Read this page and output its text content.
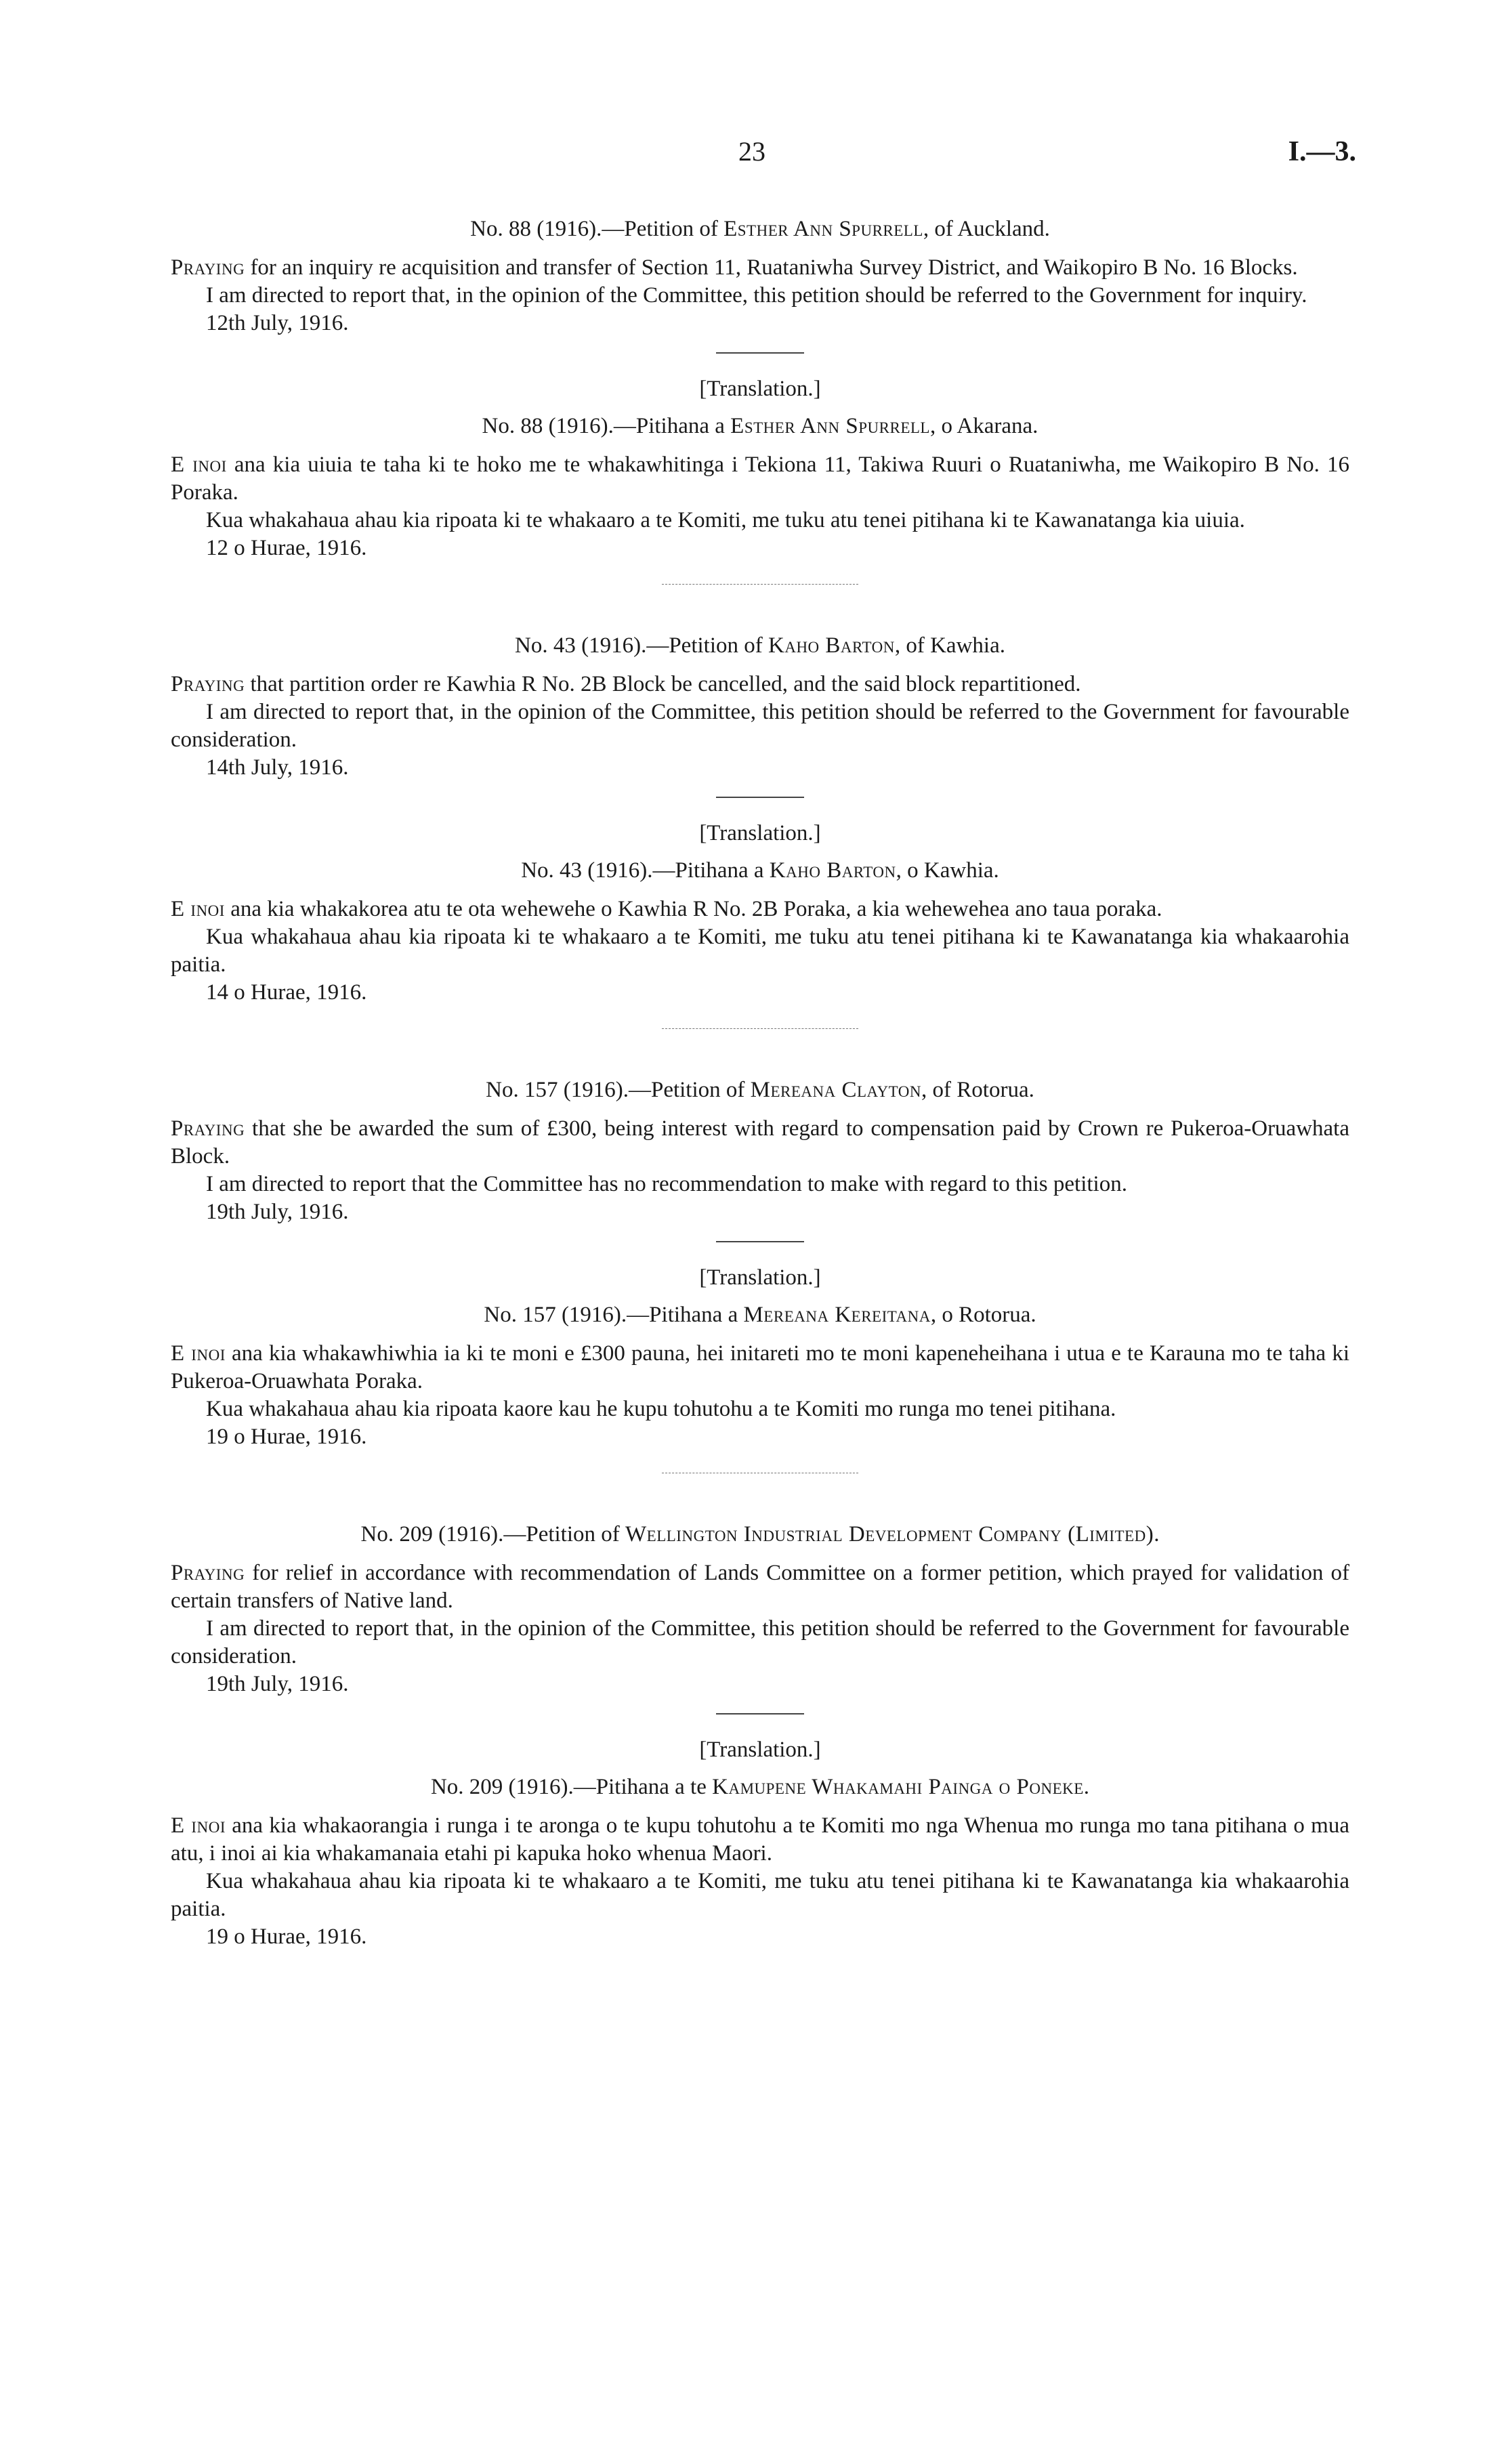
23	I.—3.

No. 88 (1916).—Petition of Esther Ann Spurrell, of Auckland.

Praying for an inquiry re acquisition and transfer of Section 11, Ruataniwha Survey District, and Waikopiro B No. 16 Blocks.

I am directed to report that, in the opinion of the Committee, this petition should be referred to the Government for inquiry.

12th July, 1916.

[Translation.]

No. 88 (1916).—Pitihana a Esther Ann Spurrell, o Akarana.

E inoi ana kia uiuia te taha ki te hoko me te whakawhitinga i Tekiona 11, Takiwa Ruuri o Ruataniwha, me Waikopiro B No. 16 Poraka.

Kua whakahaua ahau kia ripoata ki te whakaaro a te Komiti, me tuku atu tenei pitihana ki te Kawanatanga kia uiuia.

12 o Hurae, 1916.

No. 43 (1916).—Petition of Kaho Barton, of Kawhia.

Praying that partition order re Kawhia R No. 2B Block be cancelled, and the said block repartitioned.

I am directed to report that, in the opinion of the Committee, this petition should be referred to the Government for favourable consideration.

14th July, 1916.

[Translation.]

No. 43 (1916).—Pitihana a Kaho Barton, o Kawhia.

E inoi ana kia whakakorea atu te ota wehewehe o Kawhia R No. 2B Poraka, a kia wehewehea ano taua poraka.

Kua whakahaua ahau kia ripoata ki te whakaaro a te Komiti, me tuku atu tenei pitihana ki te Kawanatanga kia whakaarohia paitia.

14 o Hurae, 1916.

No. 157 (1916).—Petition of Mereana Clayton, of Rotorua.

Praying that she be awarded the sum of £300, being interest with regard to compensation paid by Crown re Pukeroa-Oruawhata Block.

I am directed to report that the Committee has no recommendation to make with regard to this petition.

19th July, 1916.

[Translation.]

No. 157 (1916).—Pitihana a Mereana Kereitana, o Rotorua.

E inoi ana kia whakawhiwhia ia ki te moni e £300 pauna, hei initareti mo te moni kapeneheihana i utua e te Karauna mo te taha ki Pukeroa-Oruawhata Poraka.

Kua whakahaua ahau kia ripoata kaore kau he kupu tohutohu a te Komiti mo runga mo tenei pitihana.

19 o Hurae, 1916.

No. 209 (1916).—Petition of Wellington Industrial Development Company (Limited).

Praying for relief in accordance with recommendation of Lands Committee on a former petition, which prayed for validation of certain transfers of Native land.

I am directed to report that, in the opinion of the Committee, this petition should be referred to the Government for favourable consideration.

19th July, 1916.

[Translation.]

No. 209 (1916).—Pitihana a te Kamupene Whakamahi Painga o Poneke.

E inoi ana kia whakaorangia i runga i te aronga o te kupu tohutohu a te Komiti mo nga Whenua mo runga mo tana pitihana o mua atu, i inoi ai kia whakamanaia etahi pi kapuka hoko whenua Maori.

Kua whakahaua ahau kia ripoata ki te whakaaro a te Komiti, me tuku atu tenei pitihana ki te Kawanatanga kia whakaarohia paitia.

19 o Hurae, 1916.
